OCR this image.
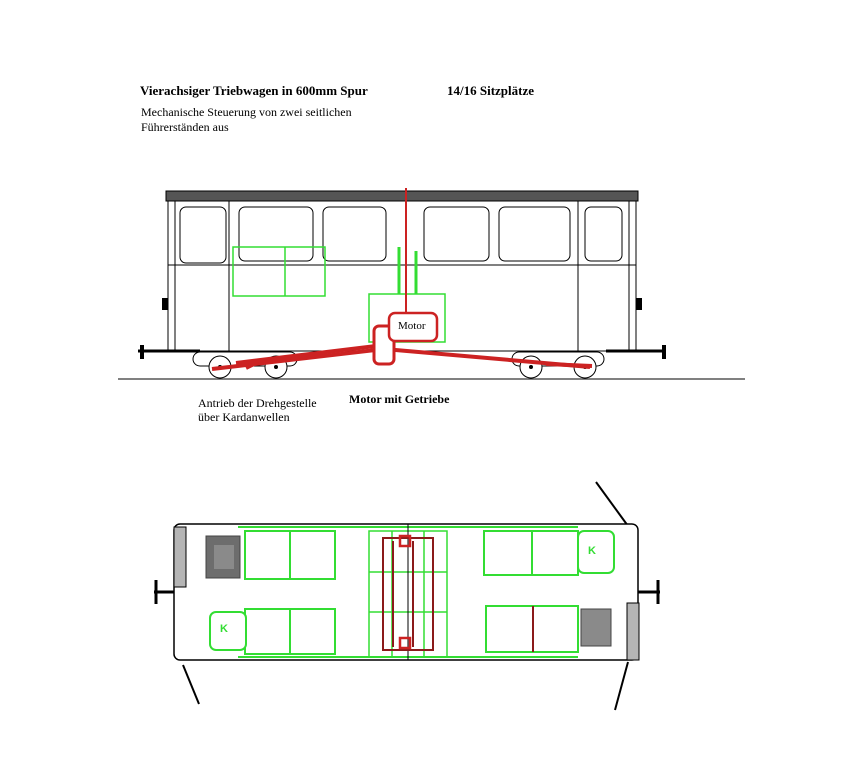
Vierachsiger Triebwagen in 600mm Spur	14/16 Sitzplätze
Mechanische Steuerung von zwei seitlichen
Führerständen aus
Motor
Antrieb der Drehgestelle
über Kardanwellen
Motor mit Getriebe
K
K
